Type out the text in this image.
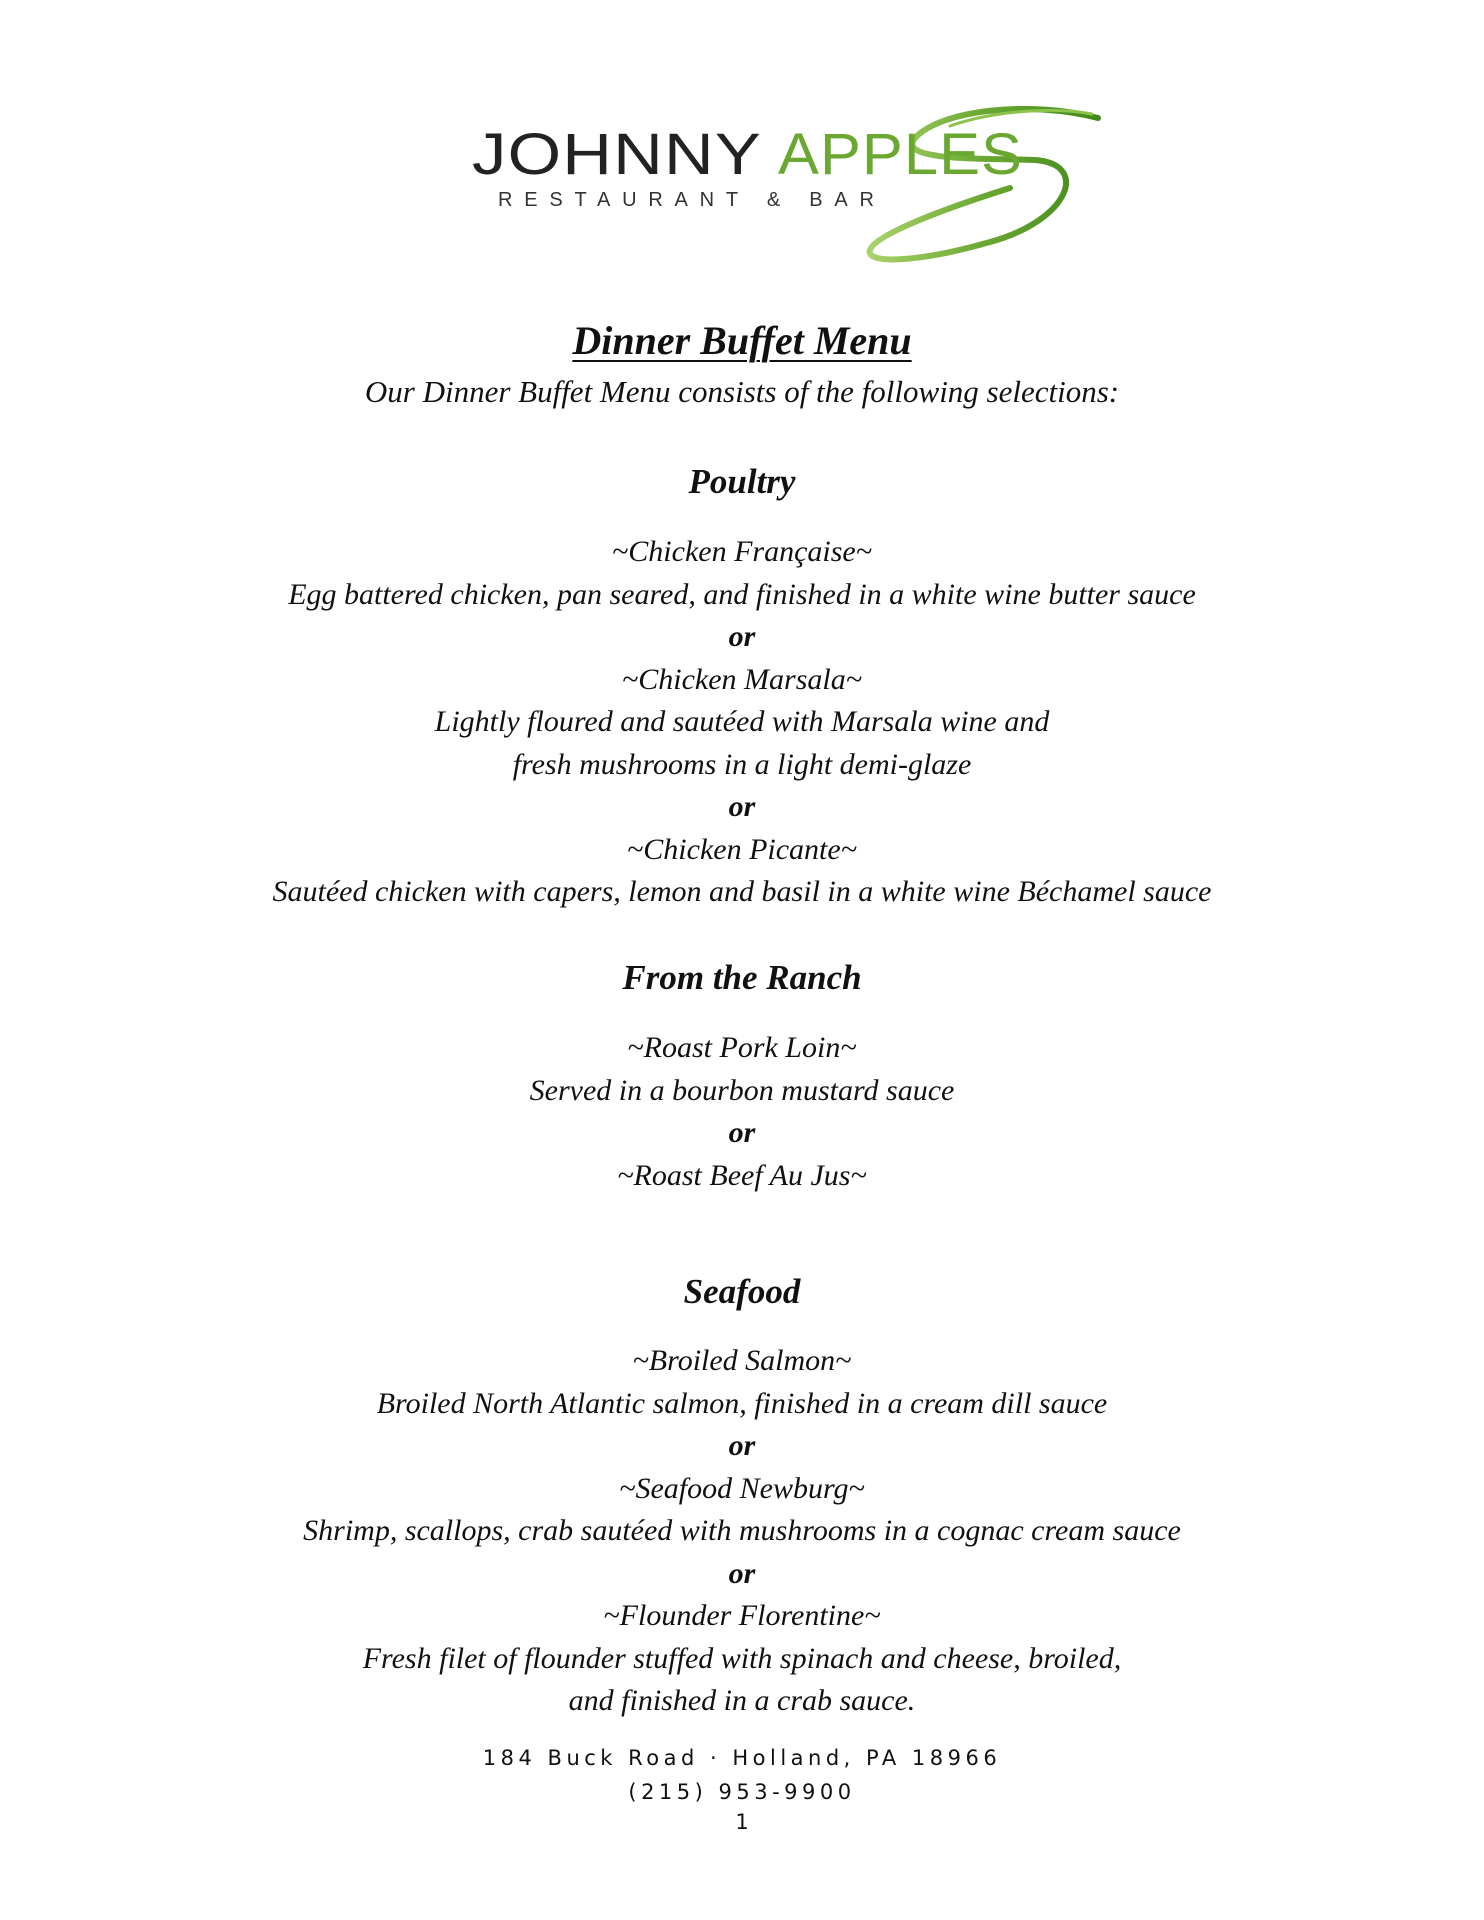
JOHNNY APPLES
RESTAURANT & BAR
Dinner Buffet Menu
Our Dinner Buffet Menu consists of the following selections:
Poultry
~Chicken Française~
Egg battered chicken, pan seared, and finished in a white wine butter sauce
or
~Chicken Marsala~
Lightly floured and sautéed with Marsala wine and
fresh mushrooms in a light demi-glaze
or
~Chicken Picante~
Sautéed chicken with capers, lemon and basil in a white wine Béchamel sauce
From the Ranch
~Roast Pork Loin~
Served in a bourbon mustard sauce
or
~Roast Beef Au Jus~
Seafood
~Broiled Salmon~
Broiled North Atlantic salmon, finished in a cream dill sauce
or
~Seafood Newburg~
Shrimp, scallops, crab sautéed with mushrooms in a cognac cream sauce
or
~Flounder Florentine~
Fresh filet of flounder stuffed with spinach and cheese, broiled,
and finished in a crab sauce.
184 Buck Road · Holland, PA 18966
(215) 953-9900
1
